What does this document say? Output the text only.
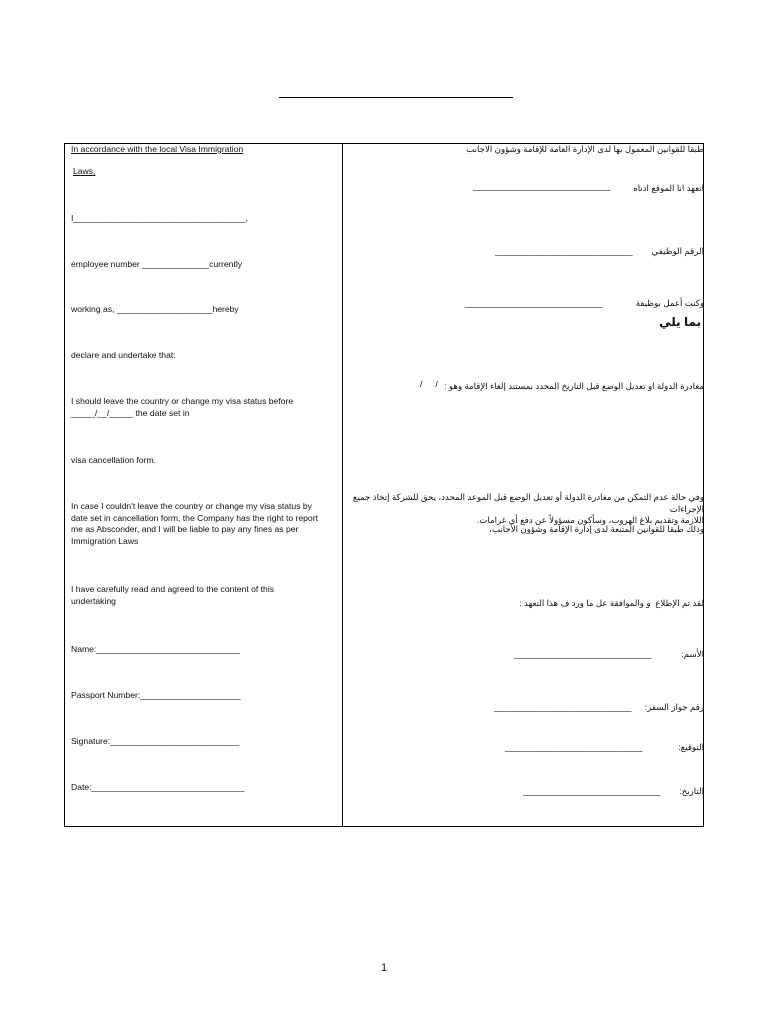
In accordance with the local Visa Immigration
Laws,
I____________________________________,
employee number ______________currently
working as, ____________________hereby
declare and undertake that:
I should leave the country or change my visa status before
_____/__/_____ the date set in
visa cancellation form.
In case I couldn't leave the country or change my visa status by
date set in cancellation form, the Company has the right to report
me as Absconder, and I will be liable to pay any fines as per
Immigration Laws
I have carefully read and agreed to the content of this
undertaking
Name:______________________________
Passport Number:_____________________
Signature:___________________________
Date:________________________________
طبقا للقوانين المعمول بها لدى الإدارة العامة للإقامة وشؤون الاجانب
اتعهد انا الموقع ادناه
______________________________
الرقم الوظيفي
______________________________
وكنت أعمل بوظيفة
______________________________
بما يلي
مغادرة الدولة او تعديل الوضع قبل التاريخ المحدد بمستند إلغاء الإقامة وهو :
/      /
وفي حالة عدم التمكن من مغادرة الدولة أو تعديل الوضع قبل الموعد المحدد، يحق للشركة إتخاذ جميع الإجراءات
اللازمة وتقديم بلاغ الهروب، وسأكون مسؤولاً عن دفع أي غرامات.
وذلك طبقا للقوانين المتبعة لدى إدارة الإقامة وشؤون الأجانب،
لقد تم الإطلاع  و والموافقة عل ما ورد ف هذا التعهد :
الأسم:
______________________________
رقم جواز السفر:
______________________________
التوقيع:
______________________________
التاريخ:
______________________________
1
